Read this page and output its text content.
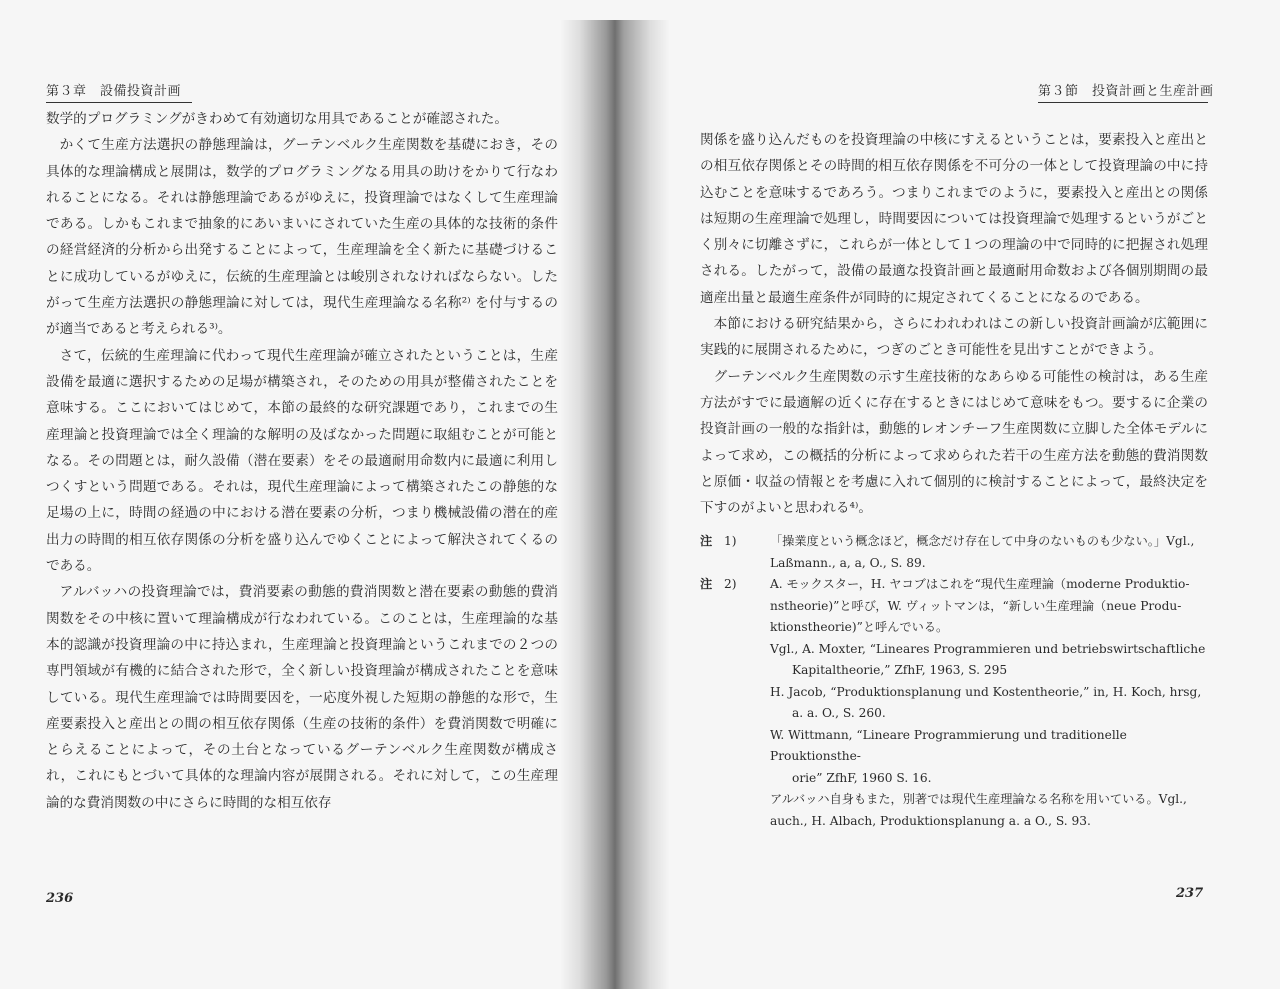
第３章　設備投資計画

数学的プログラミングがきわめて有効適切な用具であることが確認された。

かくて生産方法選択の静態理論は，グーテンベルク生産関数を基礎におき，その具体的な理論構成と展開は，数学的プログラミングなる用具の助けをかりて行なわれることになる。それは静態理論であるがゆえに，投資理論ではなくして生産理論である。しかもこれまで抽象的にあいまいにされていた生産の具体的な技術的条件の経営経済的分析から出発することによって，生産理論を全く新たに基礎づけることに成功しているがゆえに，伝統的生産理論とは峻別されなければならない。したがって生産方法選択の静態理論に対しては，現代生産理論なる名称²⁾ を付与するのが適当であると考えられる³⁾。

さて，伝統的生産理論に代わって現代生産理論が確立されたということは，生産設備を最適に選択するための足場が構築され，そのための用具が整備されたことを意味する。ここにおいてはじめて，本節の最終的な研究課題であり，これまでの生産理論と投資理論では全く理論的な解明の及ばなかった問題に取組むことが可能となる。その問題とは，耐久設備（潜在要素）をその最適耐用命数内に最適に利用しつくすという問題である。それは，現代生産理論によって構築されたこの静態的な足場の上に，時間の経過の中における潜在要素の分析，つまり機械設備の潜在的産出力の時間的相互依存関係の分析を盛り込んでゆくことによって解決されてくるのである。

アルバッハの投資理論では，費消要素の動態的費消関数と潜在要素の動態的費消関数をその中核に置いて理論構成が行なわれている。このことは，生産理論的な基本的認識が投資理論の中に持込まれ，生産理論と投資理論というこれまでの２つの専門領域が有機的に結合された形で，全く新しい投資理論が構成されたことを意味している。現代生産理論では時間要因を，一応度外視した短期の静態的な形で，生産要素投入と産出との間の相互依存関係（生産の技術的条件）を費消関数で明確にとらえることによって，その土台となっているグーテンベルク生産関数が構成され，これにもとづいて具体的な理論内容が展開される。それに対して，この生産理論的な費消関数の中にさらに時間的な相互依存

236
第３節　投資計画と生産計画

関係を盛り込んだものを投資理論の中核にすえるということは，要素投入と産出との相互依存関係とその時間的相互依存関係を不可分の一体として投資理論の中に持込むことを意味するであろう。つまりこれまでのように，要素投入と産出との関係は短期の生産理論で処理し，時間要因については投資理論で処理するというがごとく別々に切離さずに，これらが一体として１つの理論の中で同時的に把握され処理される。したがって，設備の最適な投資計画と最適耐用命数および各個別期間の最適産出量と最適生産条件が同時的に規定されてくることになるのである。

本節における研究結果から，さらにわれわれはこの新しい投資計画論が広範囲に実践的に展開されるために，つぎのごとき可能性を見出すことができよう。

グーテンベルク生産関数の示す生産技術的なあらゆる可能性の検討は，ある生産方法がすでに最適解の近くに存在するときにはじめて意味をもつ。要するに企業の投資計画の一般的な指針は，動態的レオンチーフ生産関数に立脚した全体モデルによって求め，この概括的分析によって求められた若干の生産方法を動態的費消関数と原価・収益の情報とを考慮に入れて個別的に検討することによって，最終決定を下すのがよいと思われる⁴⁾。

注 1)	「操業度という概念ほど，概念だけ存在して中身のないものも少ない。」Vgl.,
Laßmann., a, a, O., S. 89.
注 2)	A. モックスター，H. ヤコブはこれを“現代生産理論（moderne Produktio-
nstheorie)”と呼び，W. ヴィットマンは，“新しい生産理論（neue Produ-
ktionstheorie)”と呼んでいる。
Vgl., A. Moxter, “Lineares Programmieren und betriebswirtschaftliche
Kapitaltheorie,” ZfhF, 1963, S. 295
H. Jacob, “Produktionsplanung und Kostentheorie,” in, H. Koch, hrsg,
a. a. O., S. 260.
W. Wittmann, “Lineare Programmierung und traditionelle Prouktionsthe-
orie” ZfhF, 1960 S. 16.
アルバッハ自身もまた，別著では現代生産理論なる名称を用いている。Vgl.,
auch., H. Albach, Produktionsplanung a. a O., S. 93.
237
